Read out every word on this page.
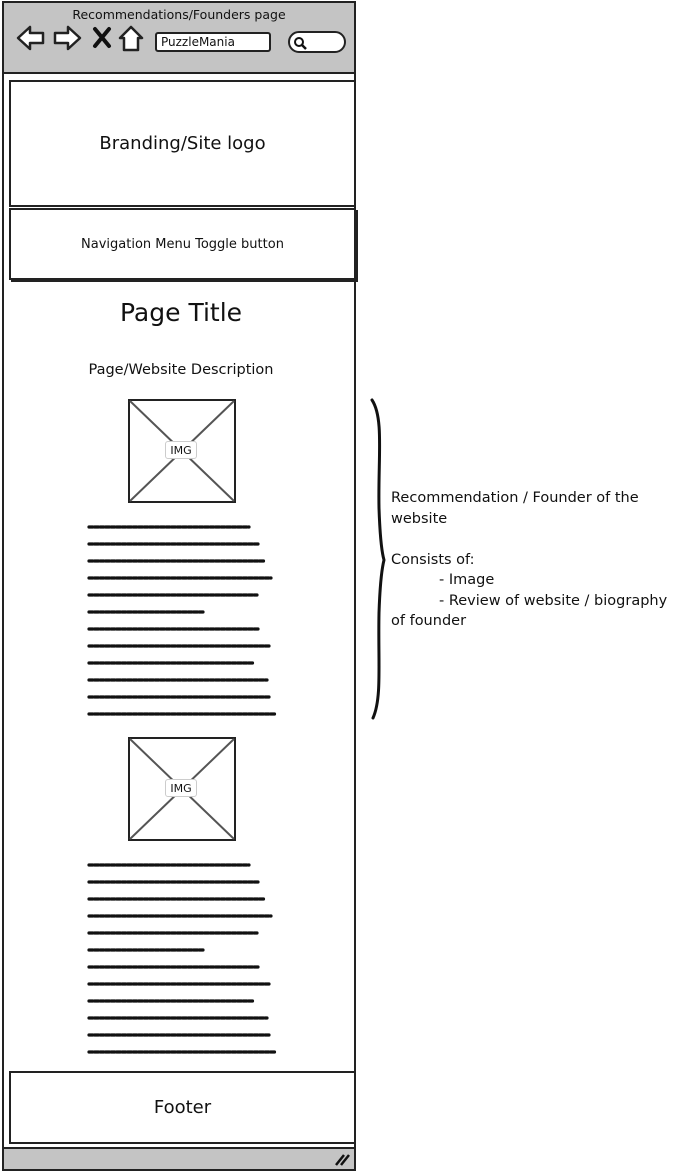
Recommendations/Founders page
PuzzleMania
Branding/Site logo
Navigation Menu Toggle button
Page Title
Page/Website Description
IMG
IMG
Footer
Recommendation / Founder of the
website

Consists of:
- Image
- Review of website / biography
of founder
